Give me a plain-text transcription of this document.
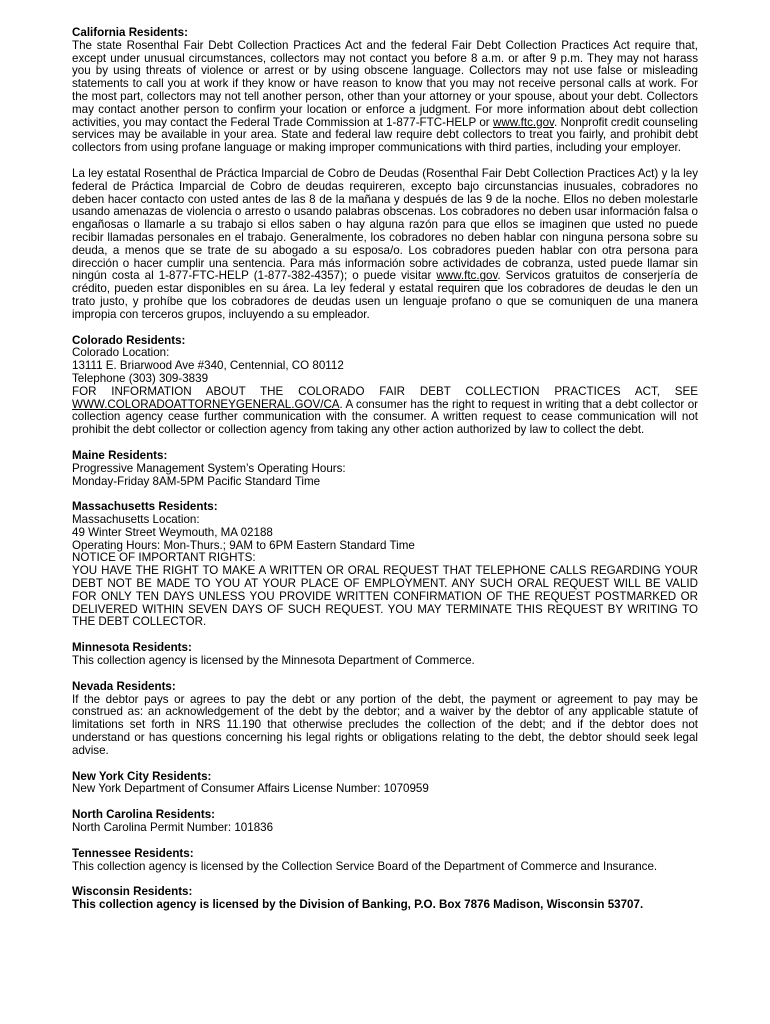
California Residents:
The state Rosenthal Fair Debt Collection Practices Act and the federal Fair Debt Collection Practices Act require that, except under unusual circumstances, collectors may not contact you before 8 a.m. or after 9 p.m. They may not harass you by using threats of violence or arrest or by using obscene language. Collectors may not use false or misleading statements to call you at work if they know or have reason to know that you may not receive personal calls at work. For the most part, collectors may not tell another person, other than your attorney or your spouse, about your debt. Collectors may contact another person to confirm your location or enforce a judgment. For more information about debt collection activities, you may contact the Federal Trade Commission at 1-877-FTC-HELP or www.ftc.gov. Nonprofit credit counseling services may be available in your area. State and federal law require debt collectors to treat you fairly, and prohibit debt collectors from using profane language or making improper communications with third parties, including your employer.
La ley estatal Rosenthal de Práctica Imparcial de Cobro de Deudas (Rosenthal Fair Debt Collection Practices Act) y la ley federal de Práctica Imparcial de Cobro de deudas requireren, excepto bajo circunstancias inusuales, cobradores no deben hacer contacto con usted antes de las 8 de la mañana y después de las 9 de la noche. Ellos no deben molestarle usando amenazas de violencia o arresto o usando palabras obscenas. Los cobradores no deben usar información falsa o engañosas o llamarle a su trabajo si ellos saben o hay alguna razón para que ellos se imaginen que usted no puede recibir llamadas personales en el trabajo. Generalmente, los cobradores no deben hablar con ninguna persona sobre su deuda, a menos que se trate de su abogado a su esposa/o. Los cobradores pueden hablar con otra persona para dirección o hacer cumplir una sentencia. Para más información sobre actividades de cobranza, usted puede llamar sin ningún costa al 1-877-FTC-HELP (1-877-382-4357); o puede visitar www.ftc.gov. Servicos gratuitos de conserjería de crédito, pueden estar disponibles en su área. La ley federal y estatal requiren que los cobradores de deudas le den un trato justo, y prohíbe que los cobradores de deudas usen un lenguaje profano o que se comuniquen de una manera impropia con terceros grupos, incluyendo a su empleador.
Colorado Residents:
Colorado Location:
13111 E. Briarwood Ave #340, Centennial, CO 80112
Telephone (303) 309-3839
FOR INFORMATION ABOUT THE COLORADO FAIR DEBT COLLECTION PRACTICES ACT, SEE WWW.COLORADOATTORNEYGENERAL.GOV/CA. A consumer has the right to request in writing that a debt collector or collection agency cease further communication with the consumer. A written request to cease communication will not prohibit the debt collector or collection agency from taking any other action authorized by law to collect the debt.
Maine Residents:
Progressive Management System’s Operating Hours:
Monday-Friday 8AM-5PM Pacific Standard Time
Massachusetts Residents:
Massachusetts Location:
49 Winter Street Weymouth, MA 02188
Operating Hours: Mon-Thurs.; 9AM to 6PM Eastern Standard Time
NOTICE OF IMPORTANT RIGHTS:
YOU HAVE THE RIGHT TO MAKE A WRITTEN OR ORAL REQUEST THAT TELEPHONE CALLS REGARDING YOUR DEBT NOT BE MADE TO YOU AT YOUR PLACE OF EMPLOYMENT. ANY SUCH ORAL REQUEST WILL BE VALID FOR ONLY TEN DAYS UNLESS YOU PROVIDE WRITTEN CONFIRMATION OF THE REQUEST POSTMARKED OR DELIVERED WITHIN SEVEN DAYS OF SUCH REQUEST. YOU MAY TERMINATE THIS REQUEST BY WRITING TO THE DEBT COLLECTOR.
Minnesota Residents:
This collection agency is licensed by the Minnesota Department of Commerce.
Nevada Residents:
If the debtor pays or agrees to pay the debt or any portion of the debt, the payment or agreement to pay may be construed as: an acknowledgement of the debt by the debtor; and a waiver by the debtor of any applicable statute of limitations set forth in NRS 11.190 that otherwise precludes the collection of the debt; and if the debtor does not understand or has questions concerning his legal rights or obligations relating to the debt, the debtor should seek legal advise.
New York City Residents:
New York Department of Consumer Affairs License Number: 1070959
North Carolina Residents:
North Carolina Permit Number: 101836
Tennessee Residents:
This collection agency is licensed by the Collection Service Board of the Department of Commerce and Insurance.
Wisconsin Residents:
This collection agency is licensed by the Division of Banking, P.O. Box 7876 Madison, Wisconsin 53707.
